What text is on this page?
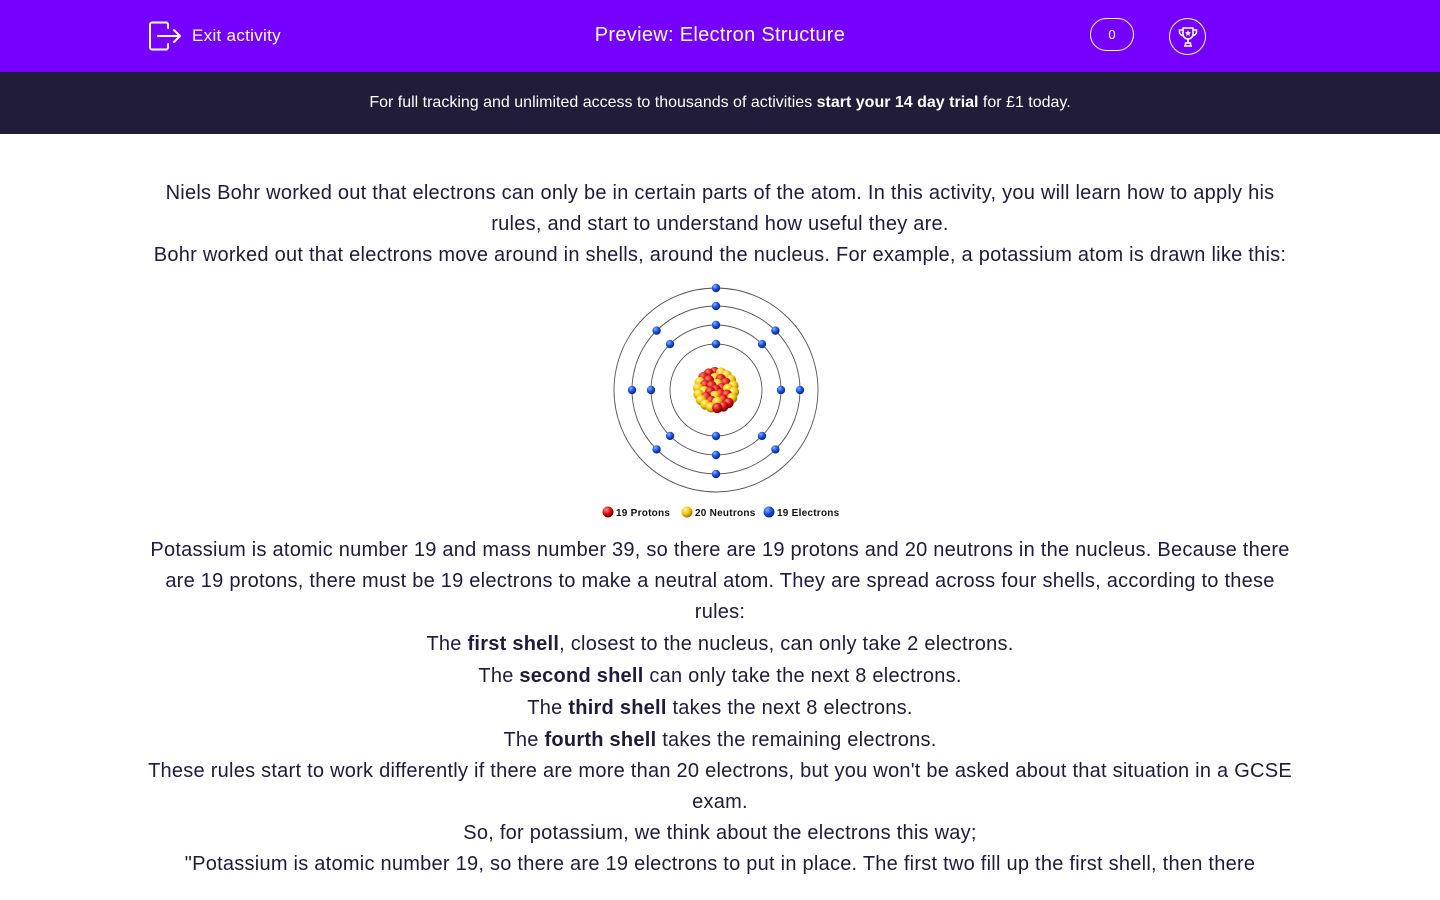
Exit activity	Preview: Electron Structure	0
For full tracking and unlimited access to thousands of activities start your 14 day trial for £1 today.

Niels Bohr worked out that electrons can only be in certain parts of the atom. In this activity, you will learn how to apply his rules, and start to understand how useful they are.

Bohr worked out that electrons move around in shells, around the nucleus. For example, a potassium atom is drawn like this:

19 Protons 20 Neutrons 19 Electrons

Potassium is atomic number 19 and mass number 39, so there are 19 protons and 20 neutrons in the nucleus. Because there are 19 protons, there must be 19 electrons to make a neutral atom. They are spread across four shells, according to these rules:

The first shell, closest to the nucleus, can only take 2 electrons.

The second shell can only take the next 8 electrons.

The third shell takes the next 8 electrons.

The fourth shell takes the remaining electrons.

These rules start to work differently if there are more than 20 electrons, but you won't be asked about that situation in a GCSE exam.

So, for potassium, we think about the electrons this way;

"Potassium is atomic number 19, so there are 19 electrons to put in place. The first two fill up the first shell, then there
